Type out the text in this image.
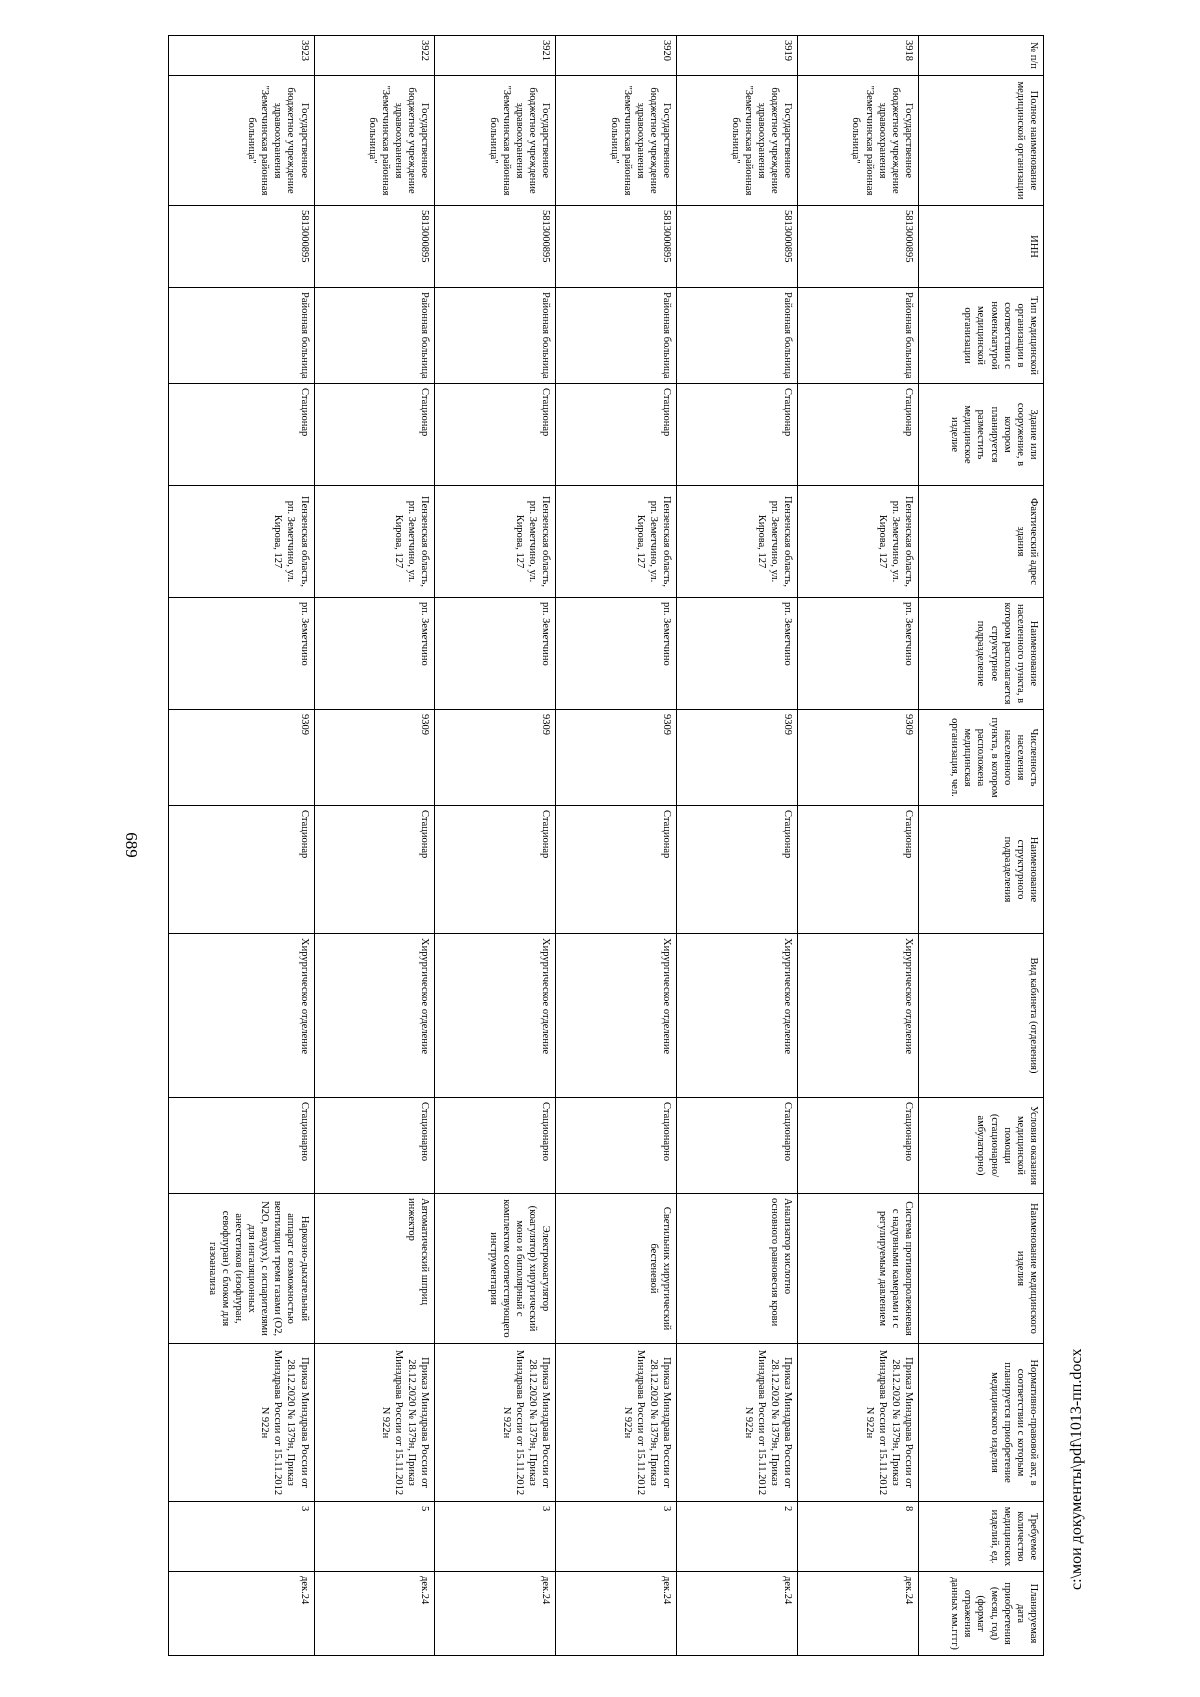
689
№ п/п	Полное наименование медицинской организации	ИНН	Тип медицинской организации в соответствии с номенклатурой медицинской организации	Здание или сооружение, в котором планируется разместить медицинское изделие	Фактический адрес здания	Наименование населенного пункта, в котором располагается структурное подразделение	Численность населения населенного пункта, в котором расположена медицинская организация, чел.	Наименование структурного подразделения	Вид кабинета (отделения)	Условия оказания медицинской помощи (стационарно/ амбулаторно)	Наименование медицинского изделия	Нормативно-правовой акт, в соответствии с которым планируется приобретение медицинского изделия	Требуемое количество медицинских изделий, ед.	Планируемая дата приобретения (месяц, год) (формат отражения данных мм.гггг)
3918	Государственное бюджетное учреждение здравоохранения "Земетчинская районная больница"	5813000895	Районная больница	Стационар	Пензенская область, рп. Земетчино, ул. Кирова, 127	рп. Земетчино	9309	Стационар	Хирургическое отделение	Стационарно	Система противопролежневая с надувными камерами и с регулируемым давлением	Приказ Минздрава России от 28.12.2020 № 1379н, Приказ Минздрава России от 15.11.2012 N 922н	8	дек.24
3919	Государственное бюджетное учреждение здравоохранения "Земетчинская районная больница"	5813000895	Районная больница	Стационар	Пензенская область, рп. Земетчино, ул. Кирова, 127	рп. Земетчино	9309	Стационар	Хирургическое отделение	Стационарно	Анализатор кислотно основного равновесия крови	Приказ Минздрава России от 28.12.2020 № 1379н, Приказ Минздрава России от 15.11.2012 N 922н	2	дек.24
3920	Государственное бюджетное учреждение здравоохранения "Земетчинская районная больница"	5813000895	Районная больница	Стационар	Пензенская область, рп. Земетчино, ул. Кирова, 127	рп. Земетчино	9309	Стационар	Хирургическое отделение	Стационарно	Светильник хирургический бестеневой	Приказ Минздрава России от 28.12.2020 № 1379н, Приказ Минздрава России от 15.11.2012 N 922н	3	дек.24
3921	Государственное бюджетное учреждение здравоохранения "Земетчинская районная больница"	5813000895	Районная больница	Стационар	Пензенская область, рп. Земетчино, ул. Кирова, 127	рп. Земетчино	9309	Стационар	Хирургическое отделение	Стационарно	Электрокоагулятор (коагулятор) хирургический моно и биполярный с комплектом соответствующего инструментария	Приказ Минздрава России от 28.12.2020 № 1379н, Приказ Минздрава России от 15.11.2012 N 922н	3	дек.24
3922	Государственное бюджетное учреждение здравоохранения "Земетчинская районная больница"	5813000895	Районная больница	Стационар	Пензенская область, рп. Земетчино, ул. Кирова, 127	рп. Земетчино	9309	Стационар	Хирургическое отделение	Стационарно	Автоматический шприц инжектор	Приказ Минздрава России от 28.12.2020 № 1379н, Приказ Минздрава России от 15.11.2012 N 922н	5	дек.24
3923	Государственное бюджетное учреждение здравоохранения "Земетчинская районная больница"	5813000895	Районная больница	Стационар	Пензенская область, рп. Земетчино, ул. Кирова, 127	рп. Земетчино	9309	Стационар	Хирургическое отделение	Стационарно	Наркозно-дыхательный аппарат с возможностью вентиляции тремя газами (O2, N2O, воздух), с испарителями для ингаляционных анестетиков (изофлуран, севофлуран) с блоком для газоанализа	Приказ Минздрава России от 28.12.2020 № 1379н, Приказ Минздрава России от 15.11.2012 N 922н	3	дек.24
c:\мои документы\pdf\1013-пп.docx
